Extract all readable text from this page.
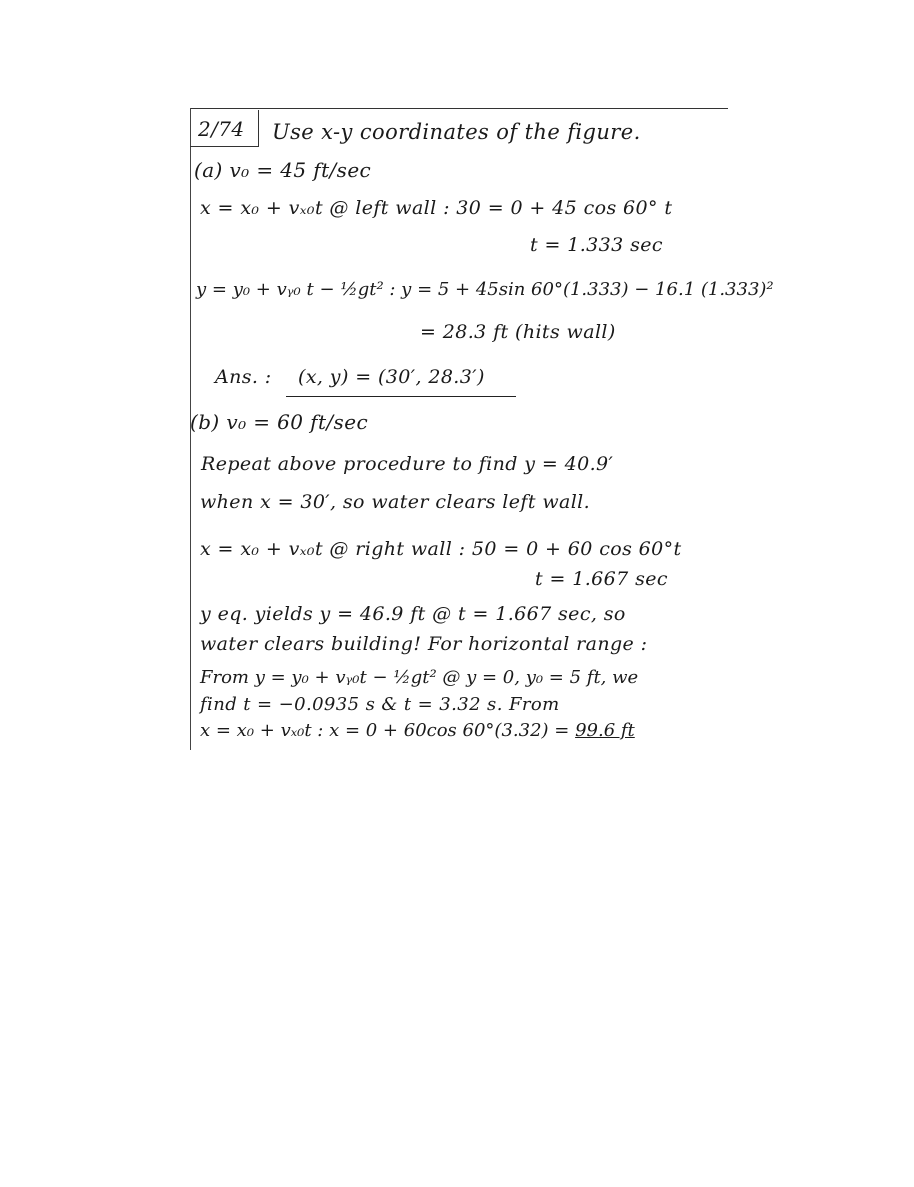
2/74 Use x-y coordinates of the figure.
(a) v₀ = 45 ft/sec
x = x₀ + vₓ₀t @ left wall : 30 = 0 + 45 cos 60° t
t = 1.333 sec
y = y₀ + vᵧ₀ t − ½gt² : y = 5 + 45sin 60°(1.333) − 16.1 (1.333)²
= 28.3 ft (hits wall)
Ans. : (x, y) = (30′, 28.3′)
(b) v₀ = 60 ft/sec
Repeat above procedure to find y = 40.9′
when x = 30′, so water clears left wall.
x = x₀ + vₓ₀t @ right wall : 50 = 0 + 60 cos 60°t
t = 1.667 sec
y eq. yields y = 46.9 ft @ t = 1.667 sec, so
water clears building! For horizontal range :
From y = y₀ + vᵧ₀t − ½gt² @ y = 0, y₀ = 5 ft, we
find t = −0.0935 s & t = 3.32 s. From
x = x₀ + vₓ₀t : x = 0 + 60cos 60°(3.32) = 99.6 ft
